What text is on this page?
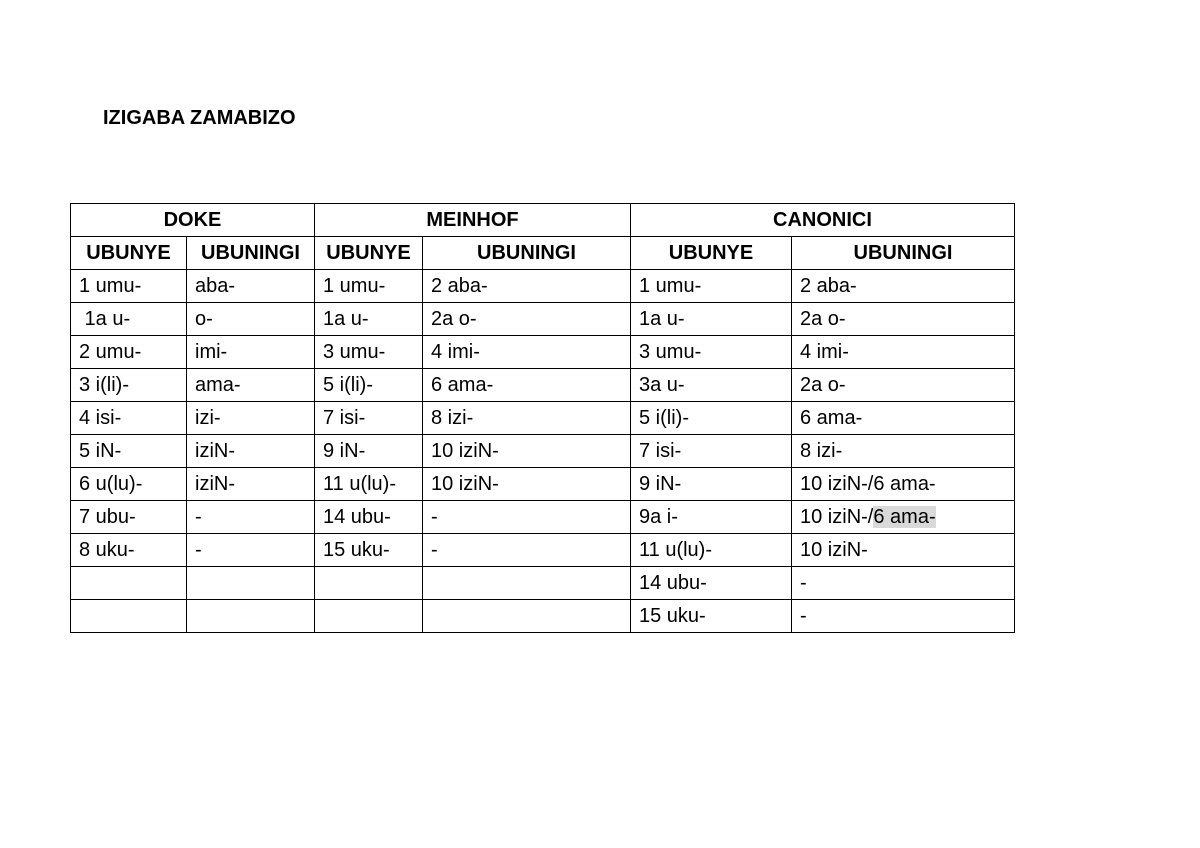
IZIGABA ZAMABIZO
DOKE		MEINHOF		CANONICI	
UBUNYE	UBUNINGI	UBUNYE	UBUNINGI	UBUNYE	UBUNINGI
1 umu-	aba-	1 umu-	2 aba-	1 umu-	2 aba-
1a u-	o-	1a u-	2a o-	1a u-	2a o-
2 umu-	imi-	3 umu-	4 imi-	3 umu-	4 imi-
3 i(li)-	ama-	5 i(li)-	6 ama-	3a u-	2a o-
4 isi-	izi-	7 isi-	8 izi-	5 i(li)-	6 ama-
5 iN-	iziN-	9 iN-	10 iziN-	7 isi-	8 izi-
6 u(lu)-	iziN-	11 u(lu)-	10 iziN-	9 iN-	10 iziN-/6 ama-
7 ubu-	-	14 ubu-	-	9a i-	10 iziN-/6 ama-
8 uku-	-	15 uku-	-	11 u(lu)-	10 iziN-
				14 ubu-	-
				15 uku-	-
